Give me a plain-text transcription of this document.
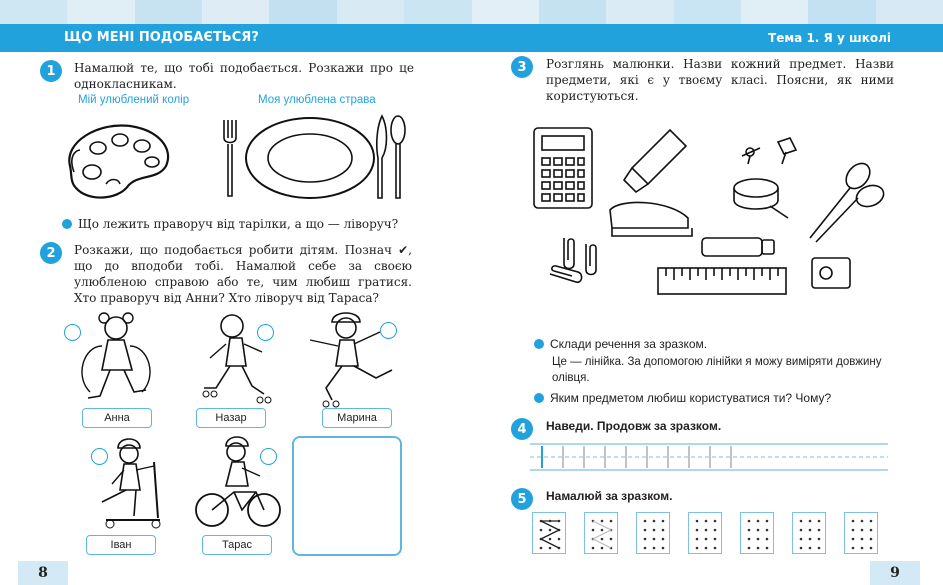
ЩО МЕНІ ПОДОБАЄТЬСЯ?	Тема 1. Я у школі
1	Намалюй те, що тобі подобається. Розкажи про це однокласникам.
Мій улюблений колір	Моя улюблена страва
Що лежить праворуч від тарілки, а що — ліворуч?
2	Розкажи, що подобається робити дітям. Познач ✔, що до вподоби тобі. Намалюй себе за своєю улюбленою справою або те, чим любиш гратися. Хто праворуч від Анни? Хто ліворуч від Тараса?
Анна	Назар	Марина
Іван	Тарас
8
3	Розглянь малюнки. Назви кожний предмет. Назви предмети, які є у твоєму класі. Поясни, як ними користуються.
Склади речення за зразком.
Це — лінійка. За допомогою лінійки я можу виміряти довжину олівця.
Яким предметом любиш користуватися ти? Чому?
4	Наведи. Продовж за зразком.
5	Намалюй за зразком.
9
